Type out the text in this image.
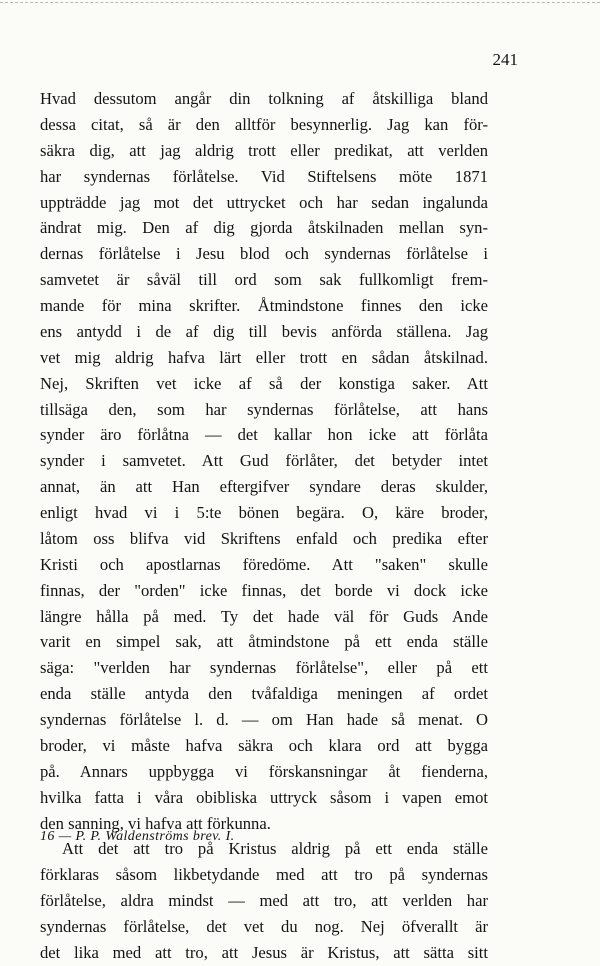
241
Hvad dessutom angår din tolkning af åtskilliga bland
dessa citat, så är den alltför besynnerlig. Jag kan för-
säkra dig, att jag aldrig trott eller predikat, att verlden
har syndernas förlåtelse. Vid Stiftelsens möte 1871
uppträdde jag mot det uttrycket och har sedan ingalunda
ändrat mig. Den af dig gjorda åtskilnaden mellan syn-
dernas förlåtelse i Jesu blod och syndernas förlåtelse i
samvetet är såväl till ord som sak fullkomligt frem-
mande för mina skrifter. Åtmindstone finnes den icke
ens antydd i de af dig till bevis anförda ställena. Jag
vet mig aldrig hafva lärt eller trott en sådan åtskilnad.
Nej, Skriften vet icke af så der konstiga saker. Att
tillsäga den, som har syndernas förlåtelse, att hans
synder äro förlåtna — det kallar hon icke att förlåta
synder i samvetet. Att Gud förlåter, det betyder intet
annat, än att Han eftergifver syndare deras skulder,
enligt hvad vi i 5:te bönen begära. O, käre broder,
låtom oss blifva vid Skriftens enfald och predika efter
Kristi och apostlarnas föredöme. Att "saken" skulle
finnas, der "orden" icke finnas, det borde vi dock icke
längre hålla på med. Ty det hade väl för Guds Ande
varit en simpel sak, att åtmindstone på ett enda ställe
säga: "verlden har syndernas förlåtelse", eller på ett
enda ställe antyda den tvåfaldiga meningen af ordet
syndernas förlåtelse l. d. — om Han hade så menat. O
broder, vi måste hafva säkra och klara ord att bygga
på. Annars uppbygga vi förskansningar åt fienderna,
hvilka fatta i våra obibliska uttryck såsom i vapen emot
den sanning, vi hafva att förkunna.
Att det att tro på Kristus aldrig på ett enda ställe
förklaras såsom likbetydande med att tro på syndernas
förlåtelse, aldra mindst — med att tro, att verlden har
syndernas förlåtelse, det vet du nog. Nej öfverallt är
det lika med att tro, att Jesus är Kristus, att sätta sitt
16 — P. P. Waldenströms brev. I.
